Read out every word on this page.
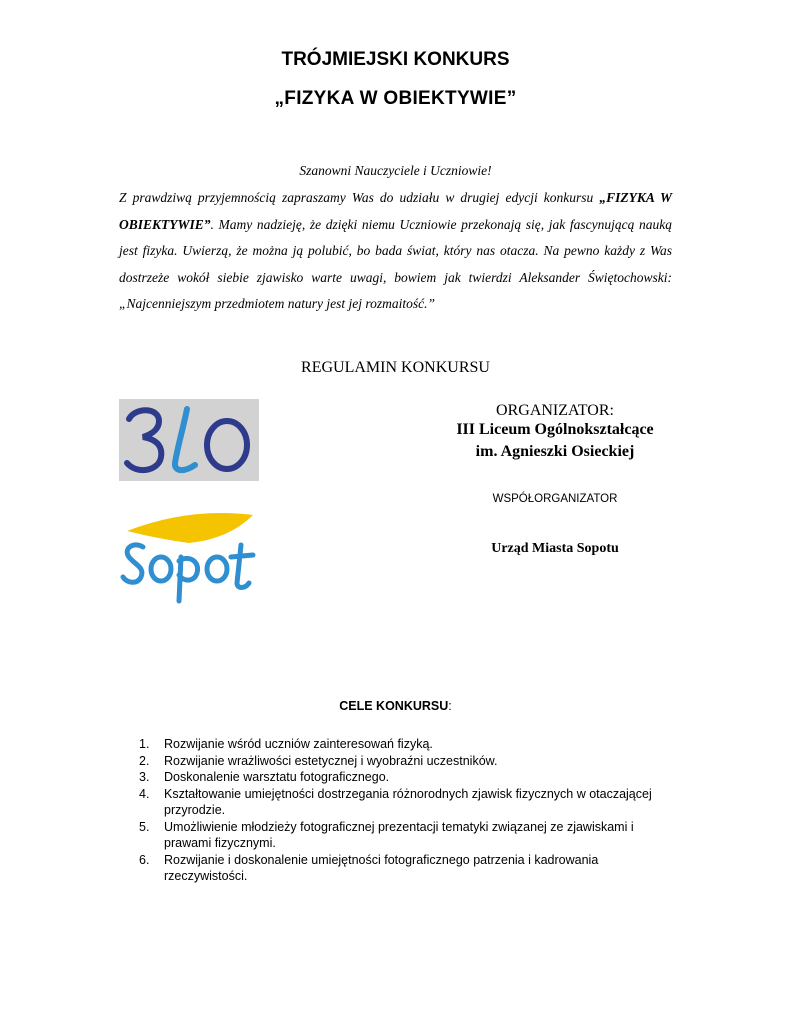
TRÓJMIEJSKI KONKURS
„FIZYKA W OBIEKTYWIE”
Szanowni Nauczyciele i Uczniowie!

Z prawdziwą przyjemnością zapraszamy Was do udziału w drugiej edycji konkursu „FIZYKA W OBIEKTYWIE”. Mamy nadzieję, że dzięki niemu Uczniowie przekonają się, jak fascynującą nauką jest fizyka. Uwierzą, że można ją polubić, bo bada świat, który nas otacza. Na pewno każdy z Was dostrzeże wokół siebie zjawisko warte uwagi, bowiem jak twierdzi Aleksander Świętochowski: „Najcenniejszym przedmiotem natury jest jej rozmaitość.”

REGULAMIN KONKURSU
ORGANIZATOR:
III Liceum Ogólnokształcące
im. Agnieszki Osieckiej
WSPÓŁORGANIZATOR
Urząd Miasta Sopotu
CELE KONKURSU:
1. Rozwijanie wśród uczniów zainteresowań fizyką.
2. Rozwijanie wrażliwości estetycznej i wyobraźni uczestników.
3. Doskonalenie warsztatu fotograficznego.
4. Kształtowanie umiejętności dostrzegania różnorodnych zjawisk fizycznych w otaczającej przyrodzie.
5. Umożliwienie młodzieży fotograficznej prezentacji tematyki związanej ze zjawiskami i prawami fizycznymi.
6. Rozwijanie i doskonalenie umiejętności fotograficznego patrzenia i kadrowania rzeczywistości.
